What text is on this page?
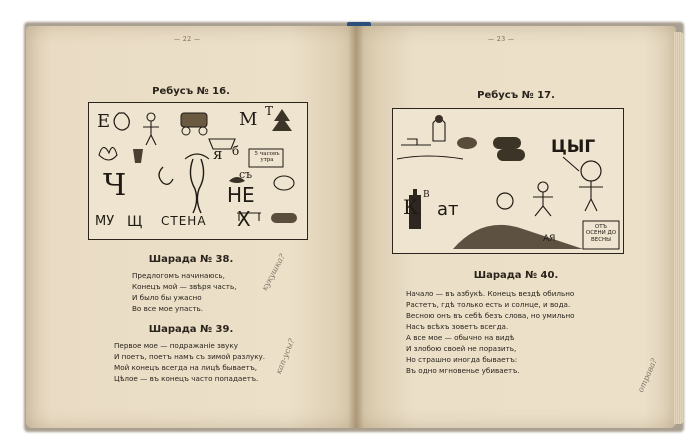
— 22 —
Ребусъ № 16.
Е	М Т
я б	5 часовъ утра
съ
Ч	НЕ
МУ Щ СТЕНА Х
Шарада № 38.
Предлогомъ начинаюсь,
Конецъ мой — звѣря часть,
И было бы ужасно
Во все мое упасть.
Шарада № 39.
Первое мое — подражаніе звуку
И поетъ, поетъ намъ съ зимой разлуку.
Мой конецъ всегда на лицѣ бываетъ,
Цѣлое — въ конецъ часто попадаетъ.
кукушка?
кап-усы?
— 23 —
Ребусъ № 17.
ЦЫГ
К В
ат
АЯ
ОТЪ ОСЕНИ ДО ВЕСНЫ
Шарада № 40.
Начало — въ азбукѣ. Конецъ вездѣ обильно
Растетъ, гдѣ только есть и солнце, и вода.
Весною онъ въ себѣ безъ слова, но умильно
Насъ всѣхъ зоветъ всегда.
А все мое — обычно на видѣ
И злобою своей не поразить,
Но страшно иногда бываетъ:
Въ одно мгновенье убиваетъ.	отрава?
